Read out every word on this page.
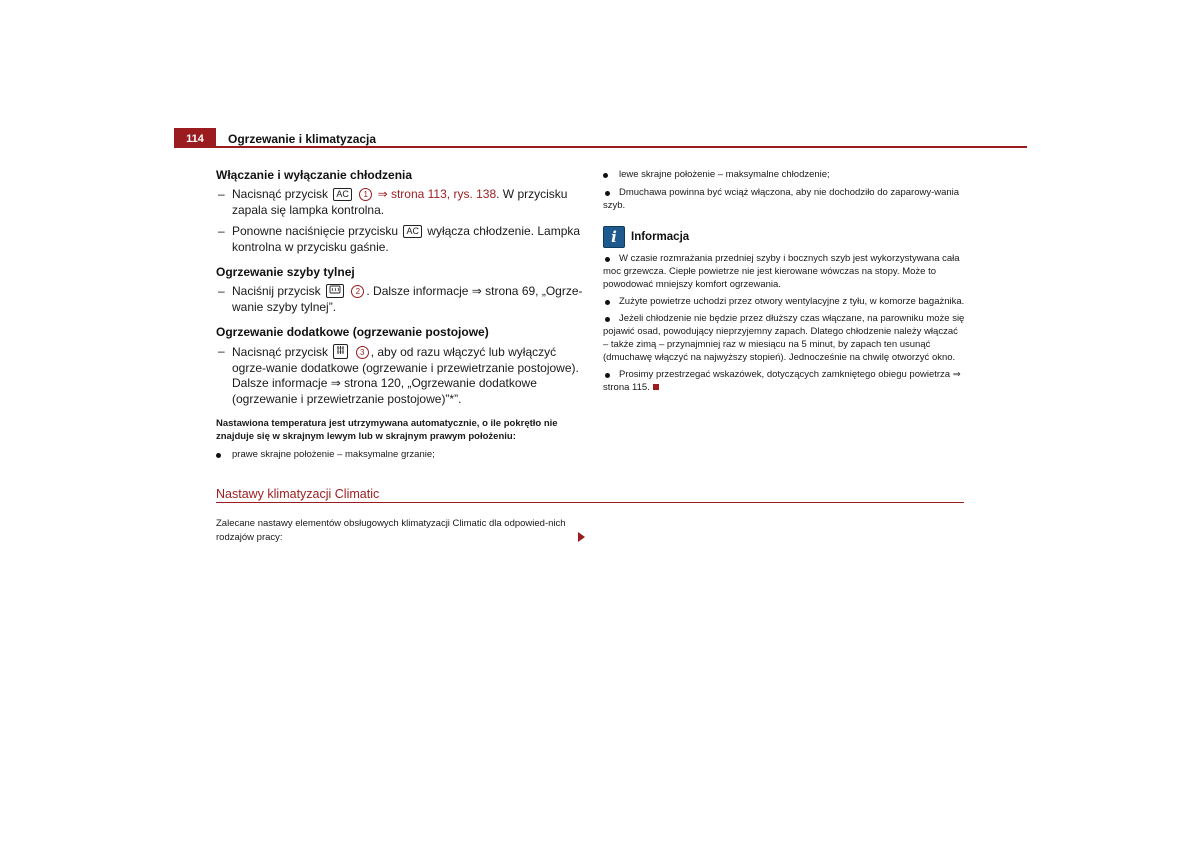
114	Ogrzewanie i klimatyzacja
Włączanie i wyłączanie chłodzenia
– Nacisnąć przycisk AC 1 ⇒ strona 113, rys. 138. W przycisku zapala się lampka kontrolna.
– Ponowne naciśnięcie przycisku AC wyłącza chłodzenie. Lampka kontrolna w przycisku gaśnie.
Ogrzewanie szyby tylnej
– Naciśnij przycisk	2 . Dalsze informacje ⇒ strona 69, „Ogrze-wanie szyby tylnej”.
Ogrzewanie dodatkowe (ogrzewanie postojowe)
– Nacisnąć przycisk	3 , aby od razu włączyć lub wyłączyć ogrze-wanie dodatkowe (ogrzewanie i przewietrzanie postojowe). Dalsze informacje ⇒ strona 120, „Ogrzewanie dodatkowe (ogrzewanie i przewietrzanie postojowe)”*”.
Nastawiona temperatura jest utrzymywana automatycznie, o ile pokrętło nie znajduje się w skrajnym lewym lub w skrajnym prawym położeniu:
prawe skrajne położenie – maksymalne grzanie;
lewe skrajne położenie – maksymalne chłodzenie;
Dmuchawa powinna być wciąż włączona, aby nie dochodziło do zaparowy-wania szyb.
i	Informacja
W czasie rozmrażania przedniej szyby i bocznych szyb jest wykorzystywana cała moc grzewcza. Ciepłe powietrze nie jest kierowane wówczas na stopy. Może to powodować mniejszy komfort ogrzewania.
Zużyte powietrze uchodzi przez otwory wentylacyjne z tyłu, w komorze bagażnika.
Jeżeli chłodzenie nie będzie przez dłuższy czas włączane, na parowniku może się pojawić osad, powodujący nieprzyjemny zapach. Dlatego chłodzenie należy włączać – także zimą – przynajmniej raz w miesiącu na 5 minut, by zapach ten usunąć (dmuchawę włączyć na najwyższy stopień). Jednocześnie na chwilę otworzyć okno.
Prosimy przestrzegać wskazówek, dotyczących zamkniętego obiegu powietrza ⇒ strona 115.
Nastawy klimatyzacji Climatic
Zalecane nastawy elementów obsługowych klimatyzacji Climatic dla odpowied-nich rodzajów pracy:
